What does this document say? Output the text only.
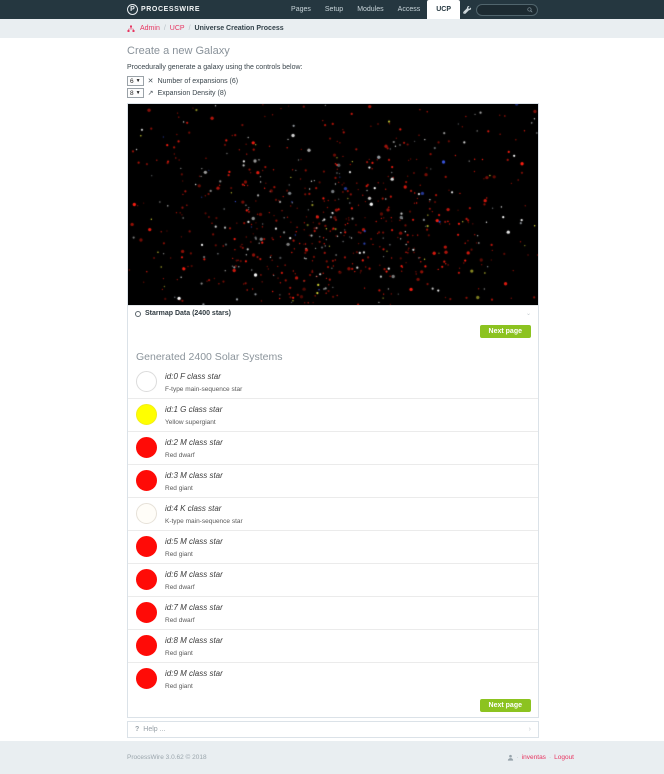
P PROCESSWIRE	Pages	Setup	Modules	Access	UCP
Admin / UCP / Universe Creation Process
Create a new Galaxy

Procedurally generate a galaxy using the controls below:

6 ▼ ✕ Number of expansions (6)
8 ▼ ↗ Expansion Density (8)
Starmap Data (2400 stars)	⌄
Next page
Generated 2400 Solar Systems
id:0 F class star
F-type main-sequence star
id:1 G class star
Yellow supergiant
id:2 M class star
Red dwarf
id:3 M class star
Red giant
id:4 K class star
K-type main-sequence star
id:5 M class star
Red giant
id:6 M class star
Red dwarf
id:7 M class star
Red dwarf
id:8 M class star
Red giant
id:9 M class star
Red giant
Next page
? Help ...	›
ProcessWire 3.0.62 © 2018	· inventas · Logout
